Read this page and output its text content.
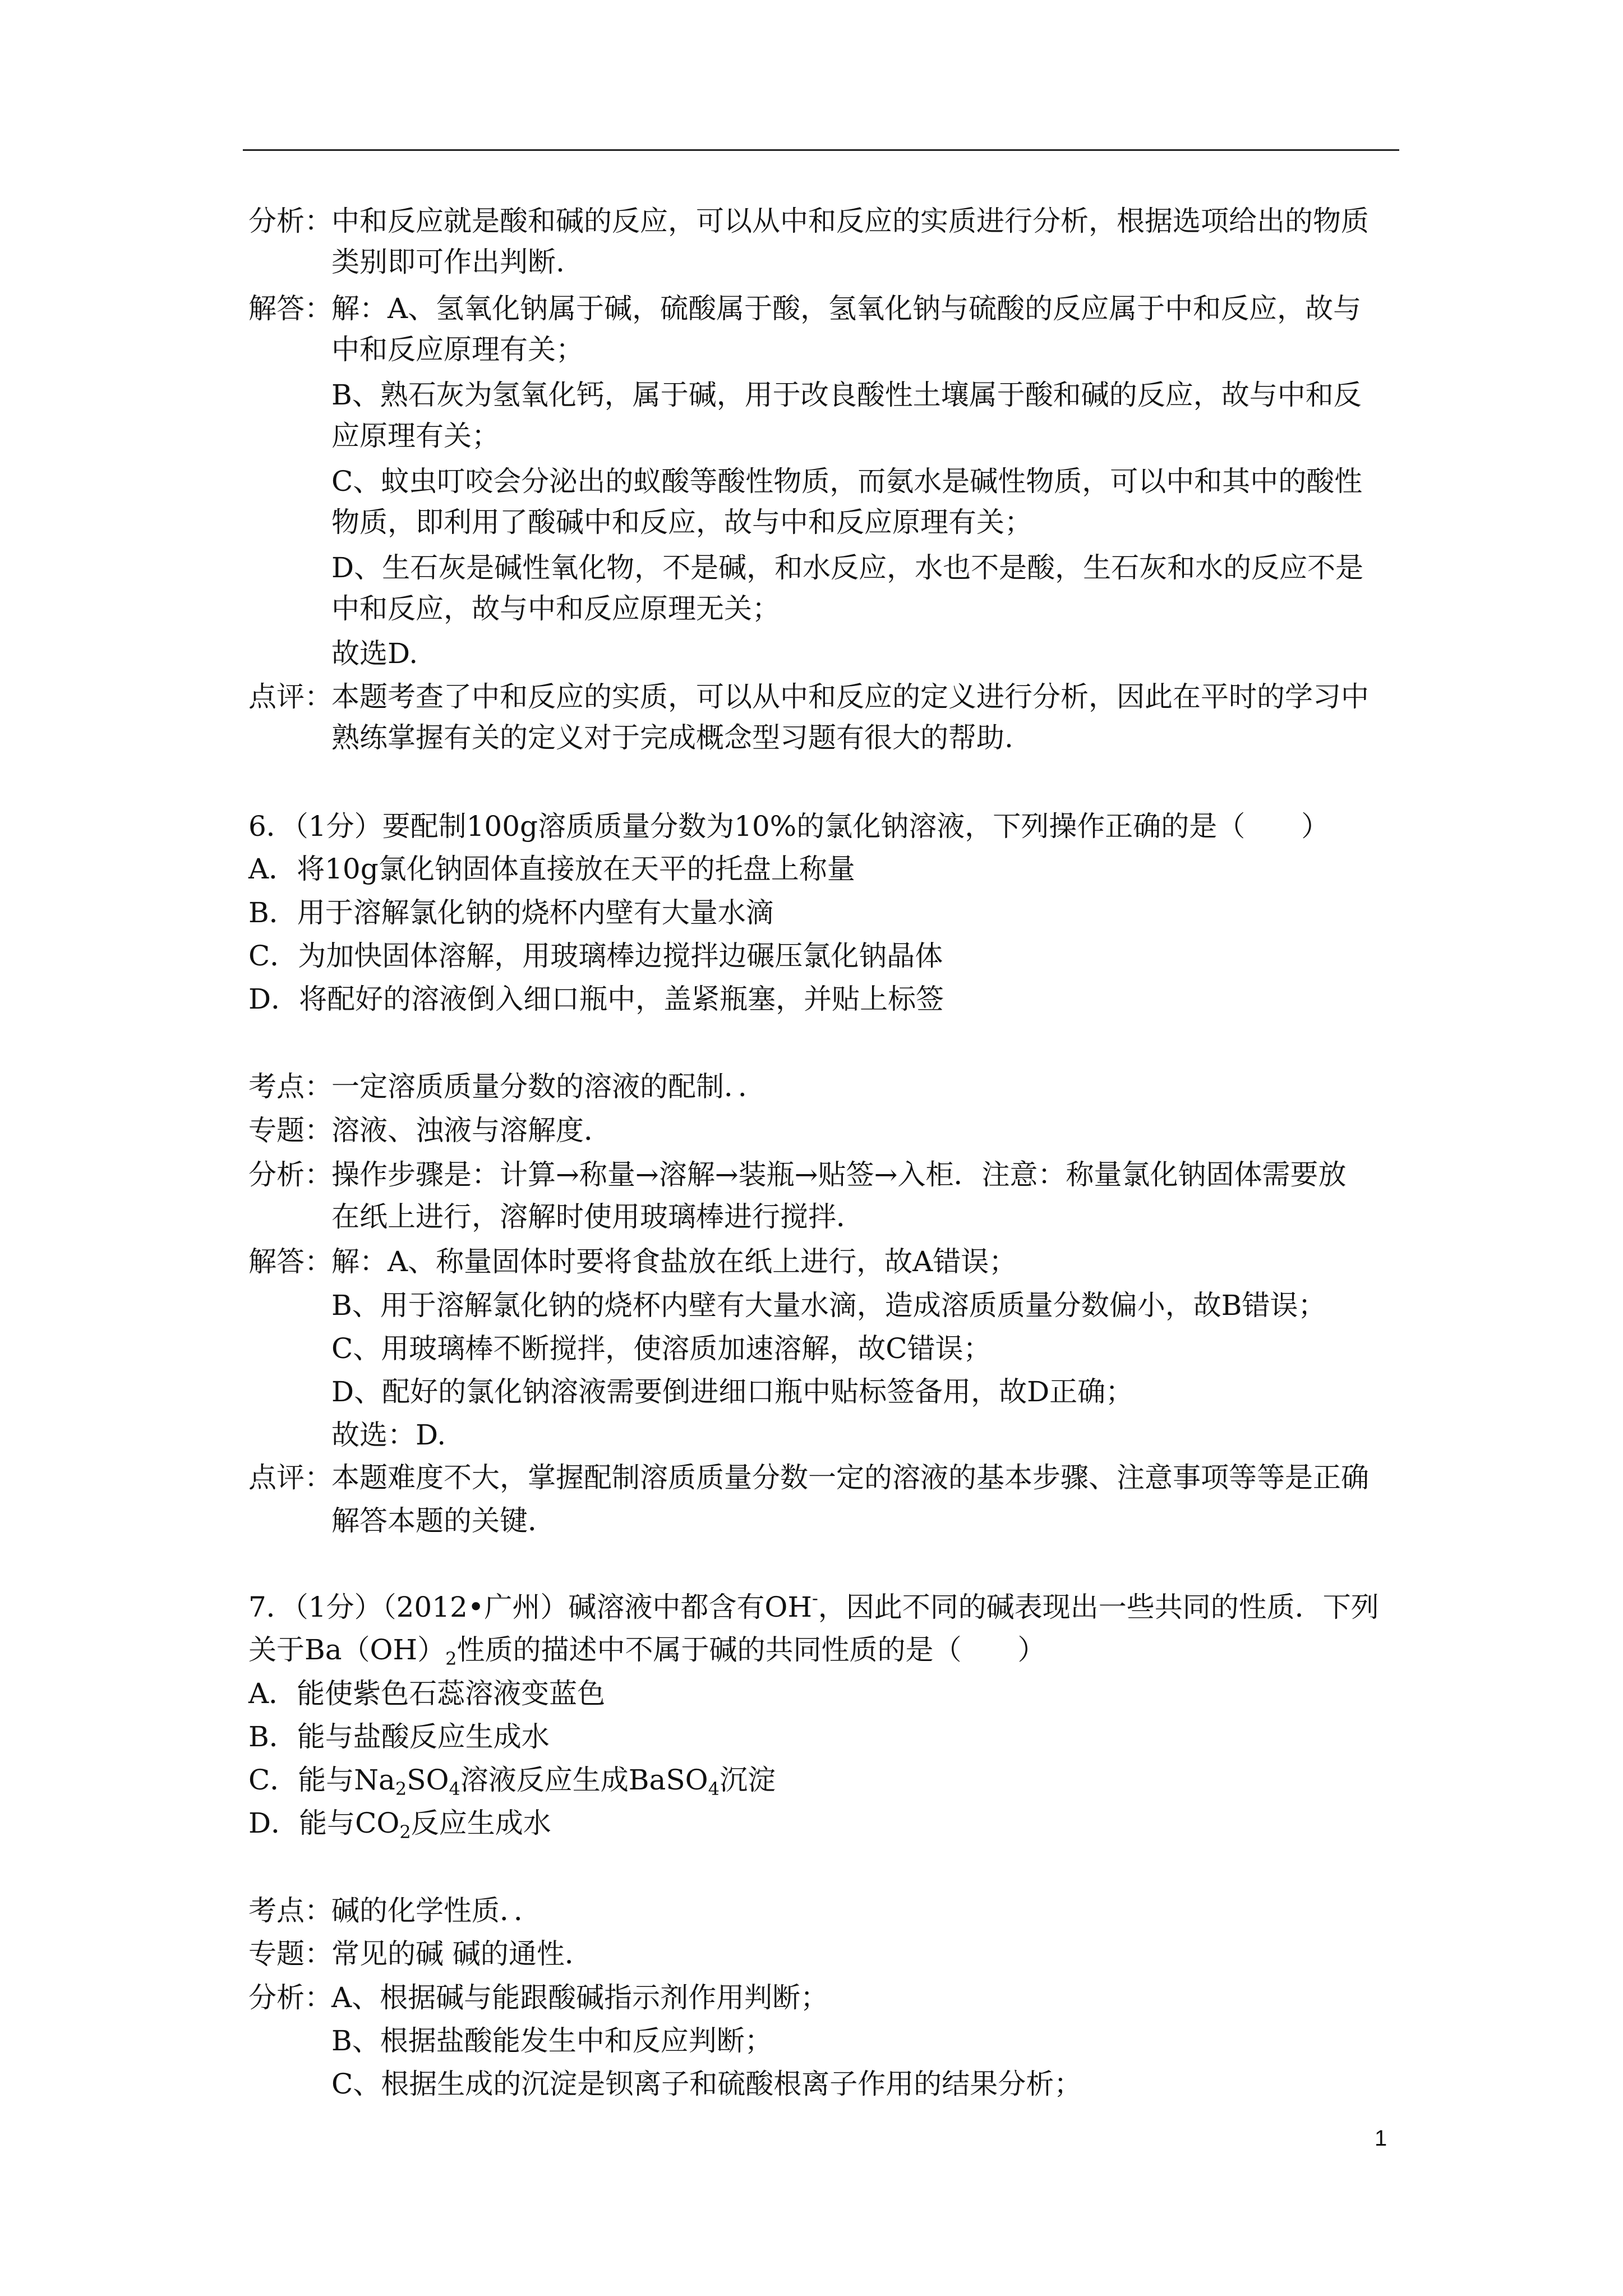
分析：
中和反应就是酸和碱的反应，可以从中和反应的实质进行分析，根据选项给出的物质
类别即可作出判断.
解答：
解：A、氢氧化钠属于碱，硫酸属于酸，氢氧化钠与硫酸的反应属于中和反应，故与
中和反应原理有关；
B、熟石灰为氢氧化钙，属于碱，用于改良酸性土壤属于酸和碱的反应，故与中和反
应原理有关；
C、蚊虫叮咬会分泌出的蚁酸等酸性物质，而氨水是碱性物质，可以中和其中的酸性
物质，即利用了酸碱中和反应，故与中和反应原理有关；
D、生石灰是碱性氧化物，不是碱，和水反应，水也不是酸，生石灰和水的反应不是
中和反应，故与中和反应原理无关；
故选D.
点评：
本题考查了中和反应的实质，可以从中和反应的定义进行分析，因此在平时的学习中
熟练掌握有关的定义对于完成概念型习题有很大的帮助.
6．（1分）要配制100g溶质质量分数为10%的氯化钠溶液，下列操作正确的是（　　）
A．将10g氯化钠固体直接放在天平的托盘上称量
B．用于溶解氯化钠的烧杯内壁有大量水滴
C．为加快固体溶解，用玻璃棒边搅拌边碾压氯化钠晶体
D．将配好的溶液倒入细口瓶中，盖紧瓶塞，并贴上标签
考点：
一定溶质质量分数的溶液的配制．．
专题：
溶液、浊液与溶解度．
分析：
操作步骤是：计算→称量→溶解→装瓶→贴签→入柜．注意：称量氯化钠固体需要放
在纸上进行，溶解时使用玻璃棒进行搅拌．
解答：
解：A、称量固体时要将食盐放在纸上进行，故A错误；
B、用于溶解氯化钠的烧杯内壁有大量水滴，造成溶质质量分数偏小，故B错误；
C、用玻璃棒不断搅拌，使溶质加速溶解，故C错误；
D、配好的氯化钠溶液需要倒进细口瓶中贴标签备用，故D正确；
故选：D.
点评：
本题难度不大，掌握配制溶质质量分数一定的溶液的基本步骤、注意事项等等是正确
解答本题的关键．
7．（1分）（2012•广州）碱溶液中都含有OH-，因此不同的碱表现出一些共同的性质．下列
关于$Ba(OH)_2$性质的描述中不属于碱的共同性质的是（　　）
A．能使紫色石蕊溶液变蓝色
B．能与盐酸反应生成水
C．能与$Na_2SO_4$溶液反应生成BaSO$_4$沉淀
D．能与$CO_2$反应生成水
考点：
碱的化学性质．．
专题：
常见的碱 碱的通性．
分析：
A、根据碱与能跟酸碱指示剂作用判断；
B、根据盐酸能发生中和反应判断；
C、根据生成的沉淀是钡离子和硫酸根离子作用的结果分析；
1
